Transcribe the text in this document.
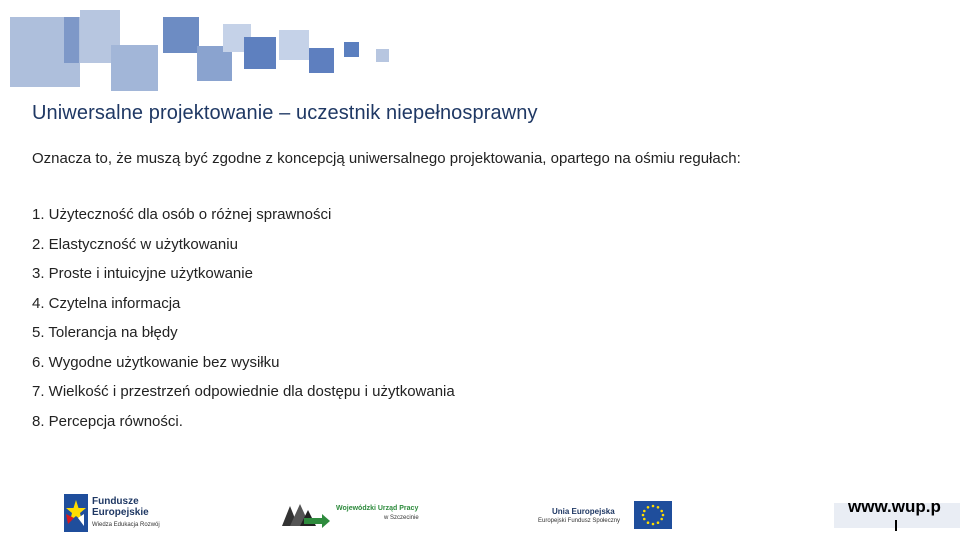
Uniwersalne projektowanie – uczestnik niepełnosprawny
Oznacza to, że muszą być zgodne z koncepcją uniwersalnego projektowania, opartego na ośmiu regułach:
1. Użyteczność dla osób o różnej sprawności
2. Elastyczność w użytkowaniu
3. Proste i intuicyjne użytkowanie
4. Czytelna informacja
5. Tolerancja na błędy
6. Wygodne użytkowanie bez wysiłku
7. Wielkość i przestrzeń odpowiednie dla dostępu i użytkowania
8. Percepcja równości.
Fundusze
Europejskie
Wiedza Edukacja Rozwój
Wojewódzki Urząd Pracy
w Szczecinie
Unia Europejska
Europejski Fundusz Społeczny
www.wup.p
